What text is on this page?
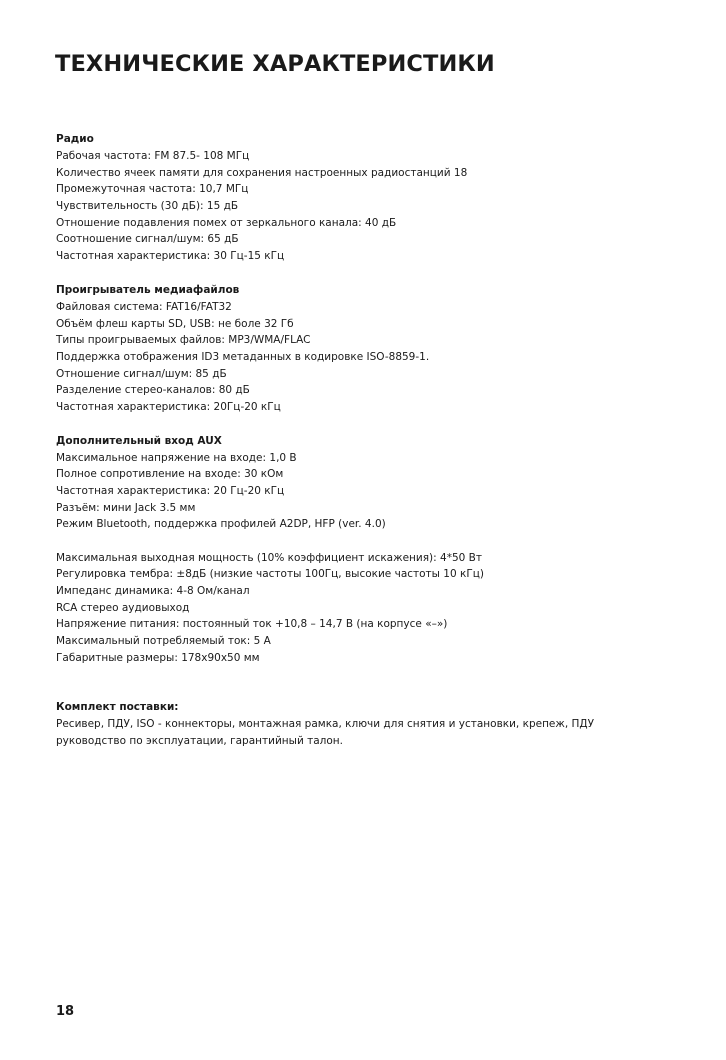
ТЕХНИЧЕСКИЕ ХАРАКТЕРИСТИКИ

Радио

Рабочая частота: FM 87.5- 108 МГц

Количество ячеек памяти для сохранения настроенных радиостанций 18

Промежуточная частота: 10,7 МГц

Чувствительность (30 дБ): 15 дБ

Отношение подавления помех от зеркального канала: 40 дБ

Соотношение сигнал/шум: 65 дБ

Частотная характеристика: 30 Гц-15 кГц

Проигрыватель медиафайлов

Файловая система: FAT16/FAT32

Объём флеш карты SD, USB: не боле 32 Гб

Типы проигрываемых файлов: MP3/WMA/FLAC

Поддержка отображения ID3 метаданных в кодировке ISO-8859-1.

Отношение сигнал/шум: 85 дБ

Разделение стерео-каналов: 80 дБ

Частотная характеристика: 20Гц-20 кГц

Дополнительный вход AUX

Максимальное напряжение на входе: 1,0 В

Полное сопротивление на входе: 30 кОм

Частотная характеристика: 20 Гц-20 кГц

Разъём: мини Jack 3.5 мм

Режим Bluetooth, поддержка профилей A2DP, HFP (ver. 4.0)

Максимальная выходная мощность (10% коэффициент искажения): 4*50 Вт

Регулировка тембра: ±8дБ (низкие частоты 100Гц, высокие частоты 10 кГц)

Импеданс динамика: 4-8 Ом/канал

RCA стерео аудиовыход

Напряжение питания: постоянный ток +10,8 – 14,7 В (на корпусе «–»)

Максимальный потребляемый ток: 5 А

Габаритные размеры: 178x90x50 мм

Комплект поставки:

Ресивер, ПДУ, ISO - коннекторы, монтажная рамка, ключи для снятия и установки, крепеж, ПДУ

руководство по эксплуатации, гарантийный талон.

18
